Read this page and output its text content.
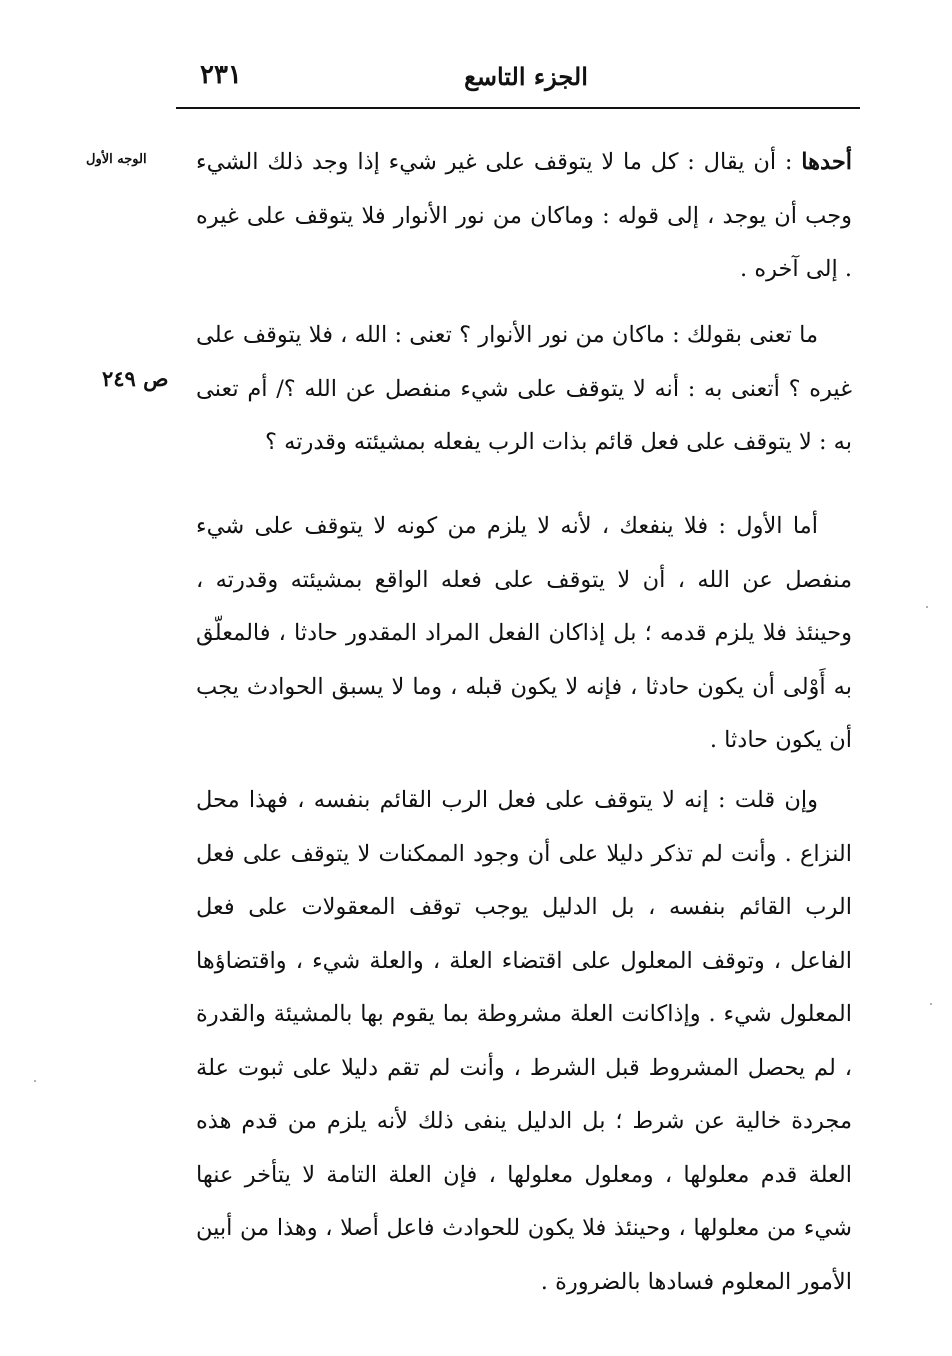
٢٣١	الجزء التاسع
الوجه الأول
ص ٢٤٩

أحدها : أن يقال : كل ما لا يتوقف على غير شيء إذا وجد ذلك الشيء وجب أن يوجد ، إلى قوله : وماكان من نور الأنوار فلا يتوقف على غيره . إلى آخره .

ما تعنى بقولك : ماكان من نور الأنوار ؟ تعنى : الله ، فلا يتوقف على غيره ؟ أتعنى به : أنه لا يتوقف على شيء منفصل عن الله ؟/ أم تعنى به : لا يتوقف على فعل قائم بذات الرب يفعله بمشيئته وقدرته ؟

أما الأول : فلا ينفعك ، لأنه لا يلزم من كونه لا يتوقف على شيء منفصل عن الله ، أن لا يتوقف على فعله الواقع بمشيئته وقدرته ، وحينئذ فلا يلزم قدمه ؛ بل إذاكان الفعل المراد المقدور حادثا ، فالمعلّق به أَوْلى أن يكون حادثا ، فإنه لا يكون قبله ، وما لا يسبق الحوادث يجب أن يكون حادثا .

وإن قلت : إنه لا يتوقف على فعل الرب القائم بنفسه ، فهذا محل النزاع . وأنت لم تذكر دليلا على أن وجود الممكنات لا يتوقف على فعل الرب القائم بنفسه ، بل الدليل يوجب توقف المعقولات على فعل الفاعل ، وتوقف المعلول على اقتضاء العلة ، والعلة شيء ، واقتضاؤها المعلول شيء . وإذاكانت العلة مشروطة بما يقوم بها بالمشيئة والقدرة ، لم يحصل المشروط قبل الشرط ، وأنت لم تقم دليلا على ثبوت علة مجردة خالية عن شرط ؛ بل الدليل ينفى ذلك لأنه يلزم من قدم هذه العلة قدم معلولها ، ومعلول معلولها ، فإن العلة التامة لا يتأخر عنها شيء من معلولها ، وحينئذ فلا يكون للحوادث فاعل أصلا ، وهذا من أبين الأمور المعلوم فسادها بالضرورة .
